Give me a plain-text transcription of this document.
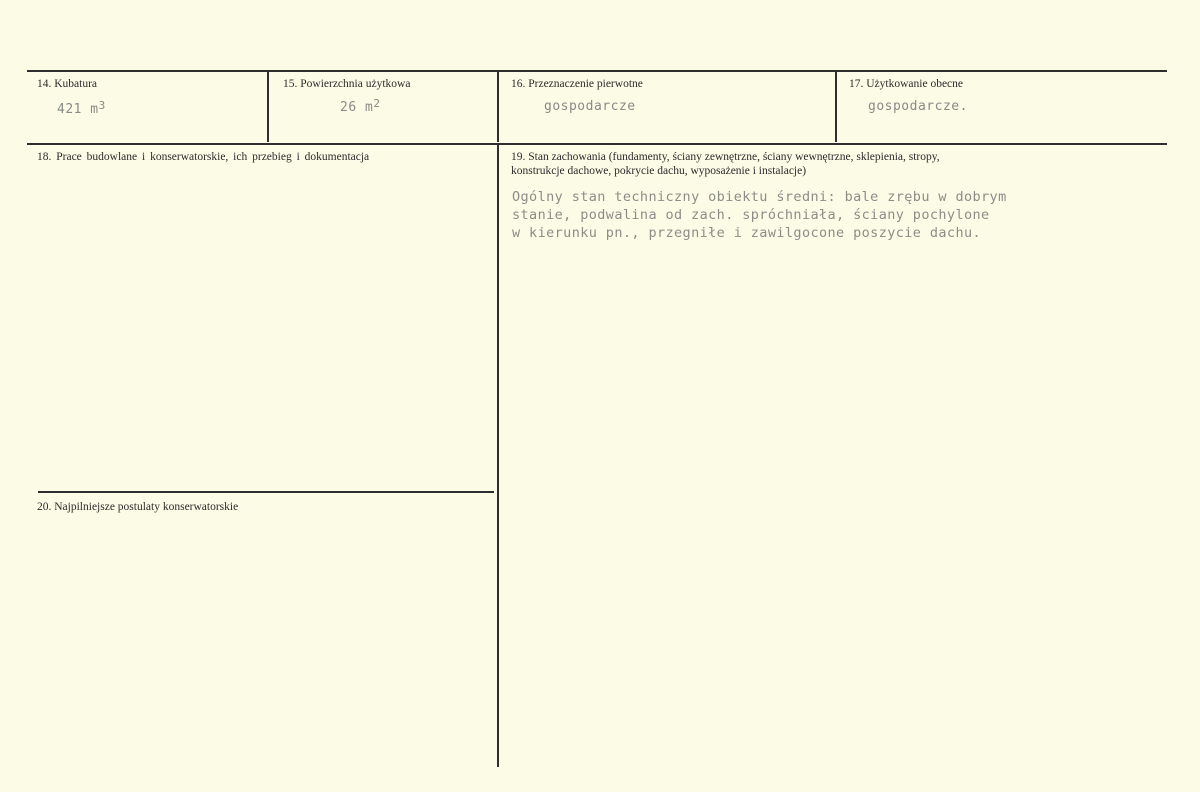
14. Kubatura
421 $m^3$
15. Powierzchnia użytkowa
26 $m^2$
16. Przeznaczenie pierwotne
gospodarcze
17. Użytkowanie obecne
gospodarcze.
18. Prace budowlane i konserwatorskie, ich przebieg i dokumentacja	19. Stan zachowania (fundamenty, ściany zewnętrzne, ściany wewnętrzne, sklepienia, stropy,
konstrukcje dachowe, pokrycie dachu, wyposażenie i instalacje)
Ogólny stan techniczny obiektu średni: bale zrębu w dobrym
stanie, podwalina od zach. spróchniała, ściany pochylone
w kierunku pn., przegniłe i zawilgocone poszycie dachu.
20. Najpilniejsze postulaty konserwatorskie
